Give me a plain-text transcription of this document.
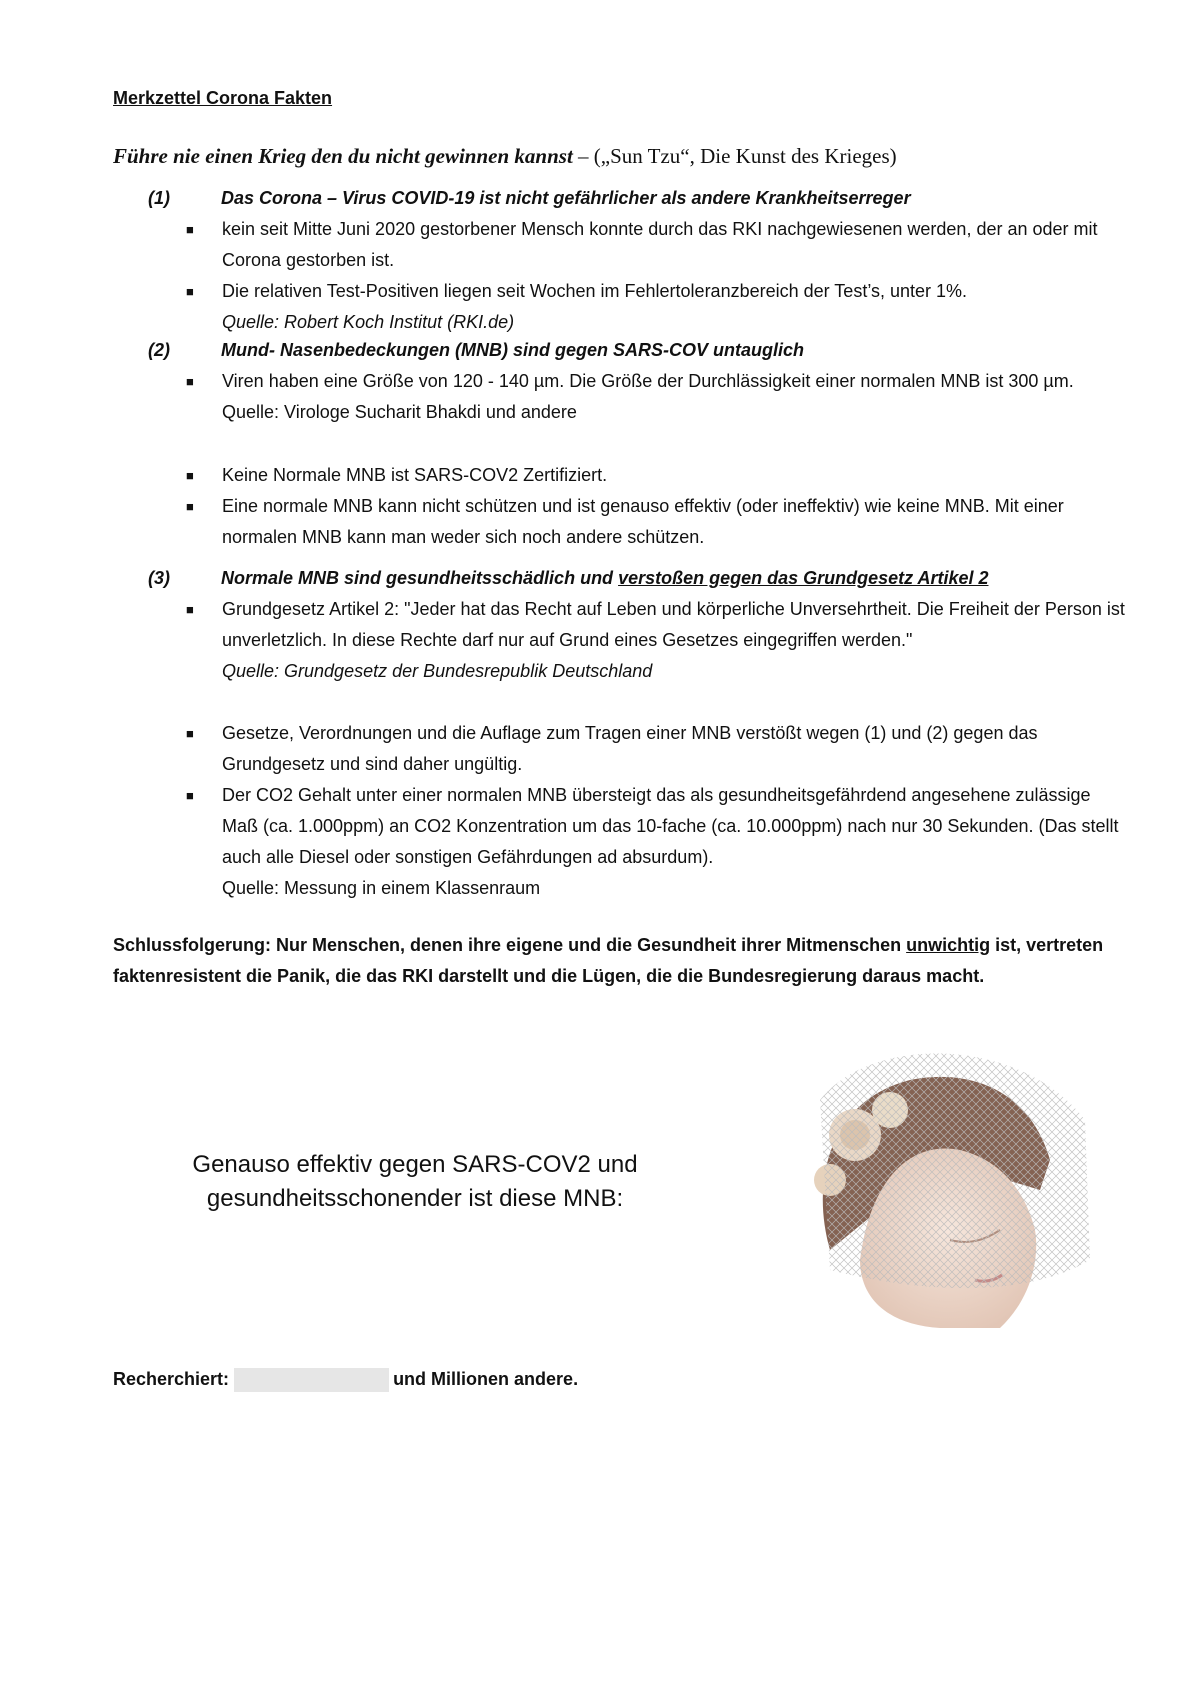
Merkzettel Corona Fakten
Führe nie einen Krieg den du nicht gewinnen kannst – („Sun Tzu“, Die Kunst des Krieges)
(1)	Das Corona – Virus COVID-19 ist nicht gefährlicher als andere Krankheitserreger
■ kein seit Mitte Juni 2020 gestorbener Mensch konnte durch das RKI nachgewiesenen werden, der an oder mit Corona gestorben ist.
■ Die relativen Test-Positiven liegen seit Wochen im Fehlertoleranzbereich der Test’s, unter 1%.
Quelle: Robert Koch Institut (RKI.de)
(2)	Mund- Nasenbedeckungen (MNB) sind gegen SARS-COV untauglich
■ Viren haben eine Größe von 120 - 140 µm. Die Größe der Durchlässigkeit einer normalen MNB ist 300 µm.
Quelle: Virologe Sucharit Bhakdi und andere
■ Keine Normale MNB ist SARS-COV2 Zertifiziert.
■ Eine normale MNB kann nicht schützen und ist genauso effektiv (oder ineffektiv) wie keine MNB. Mit einer normalen MNB kann man weder sich noch andere schützen.
(3)	Normale MNB sind gesundheitsschädlich und verstoßen gegen das Grundgesetz Artikel 2
■ Grundgesetz Artikel 2: "Jeder hat das Recht auf Leben und körperliche Unversehrtheit. Die Freiheit der Person ist unverletzlich. In diese Rechte darf nur auf Grund eines Gesetzes eingegriffen werden."
Quelle: Grundgesetz der Bundesrepublik Deutschland
■ Gesetze, Verordnungen und die Auflage zum Tragen einer MNB verstößt wegen (1) und (2) gegen das Grundgesetz und sind daher ungültig.
■ Der CO2 Gehalt unter einer normalen MNB übersteigt das als gesundheitsgefährdend angesehene zulässige Maß (ca. 1.000ppm) an CO2 Konzentration um das 10-fache (ca. 10.000ppm) nach nur 30 Sekunden. (Das stellt auch alle Diesel oder sonstigen Gefährdungen ad absurdum).
Quelle: Messung in einem Klassenraum
Schlussfolgerung: Nur Menschen, denen ihre eigene und die Gesundheit ihrer Mitmenschen unwichtig ist, vertreten faktenresistent die Panik, die das RKI darstellt und die Lügen, die die Bundesregierung daraus macht.
Genauso effektiv gegen SARS-COV2 und
gesundheitsschonender ist diese MNB:
Recherchiert:	und Millionen andere.
